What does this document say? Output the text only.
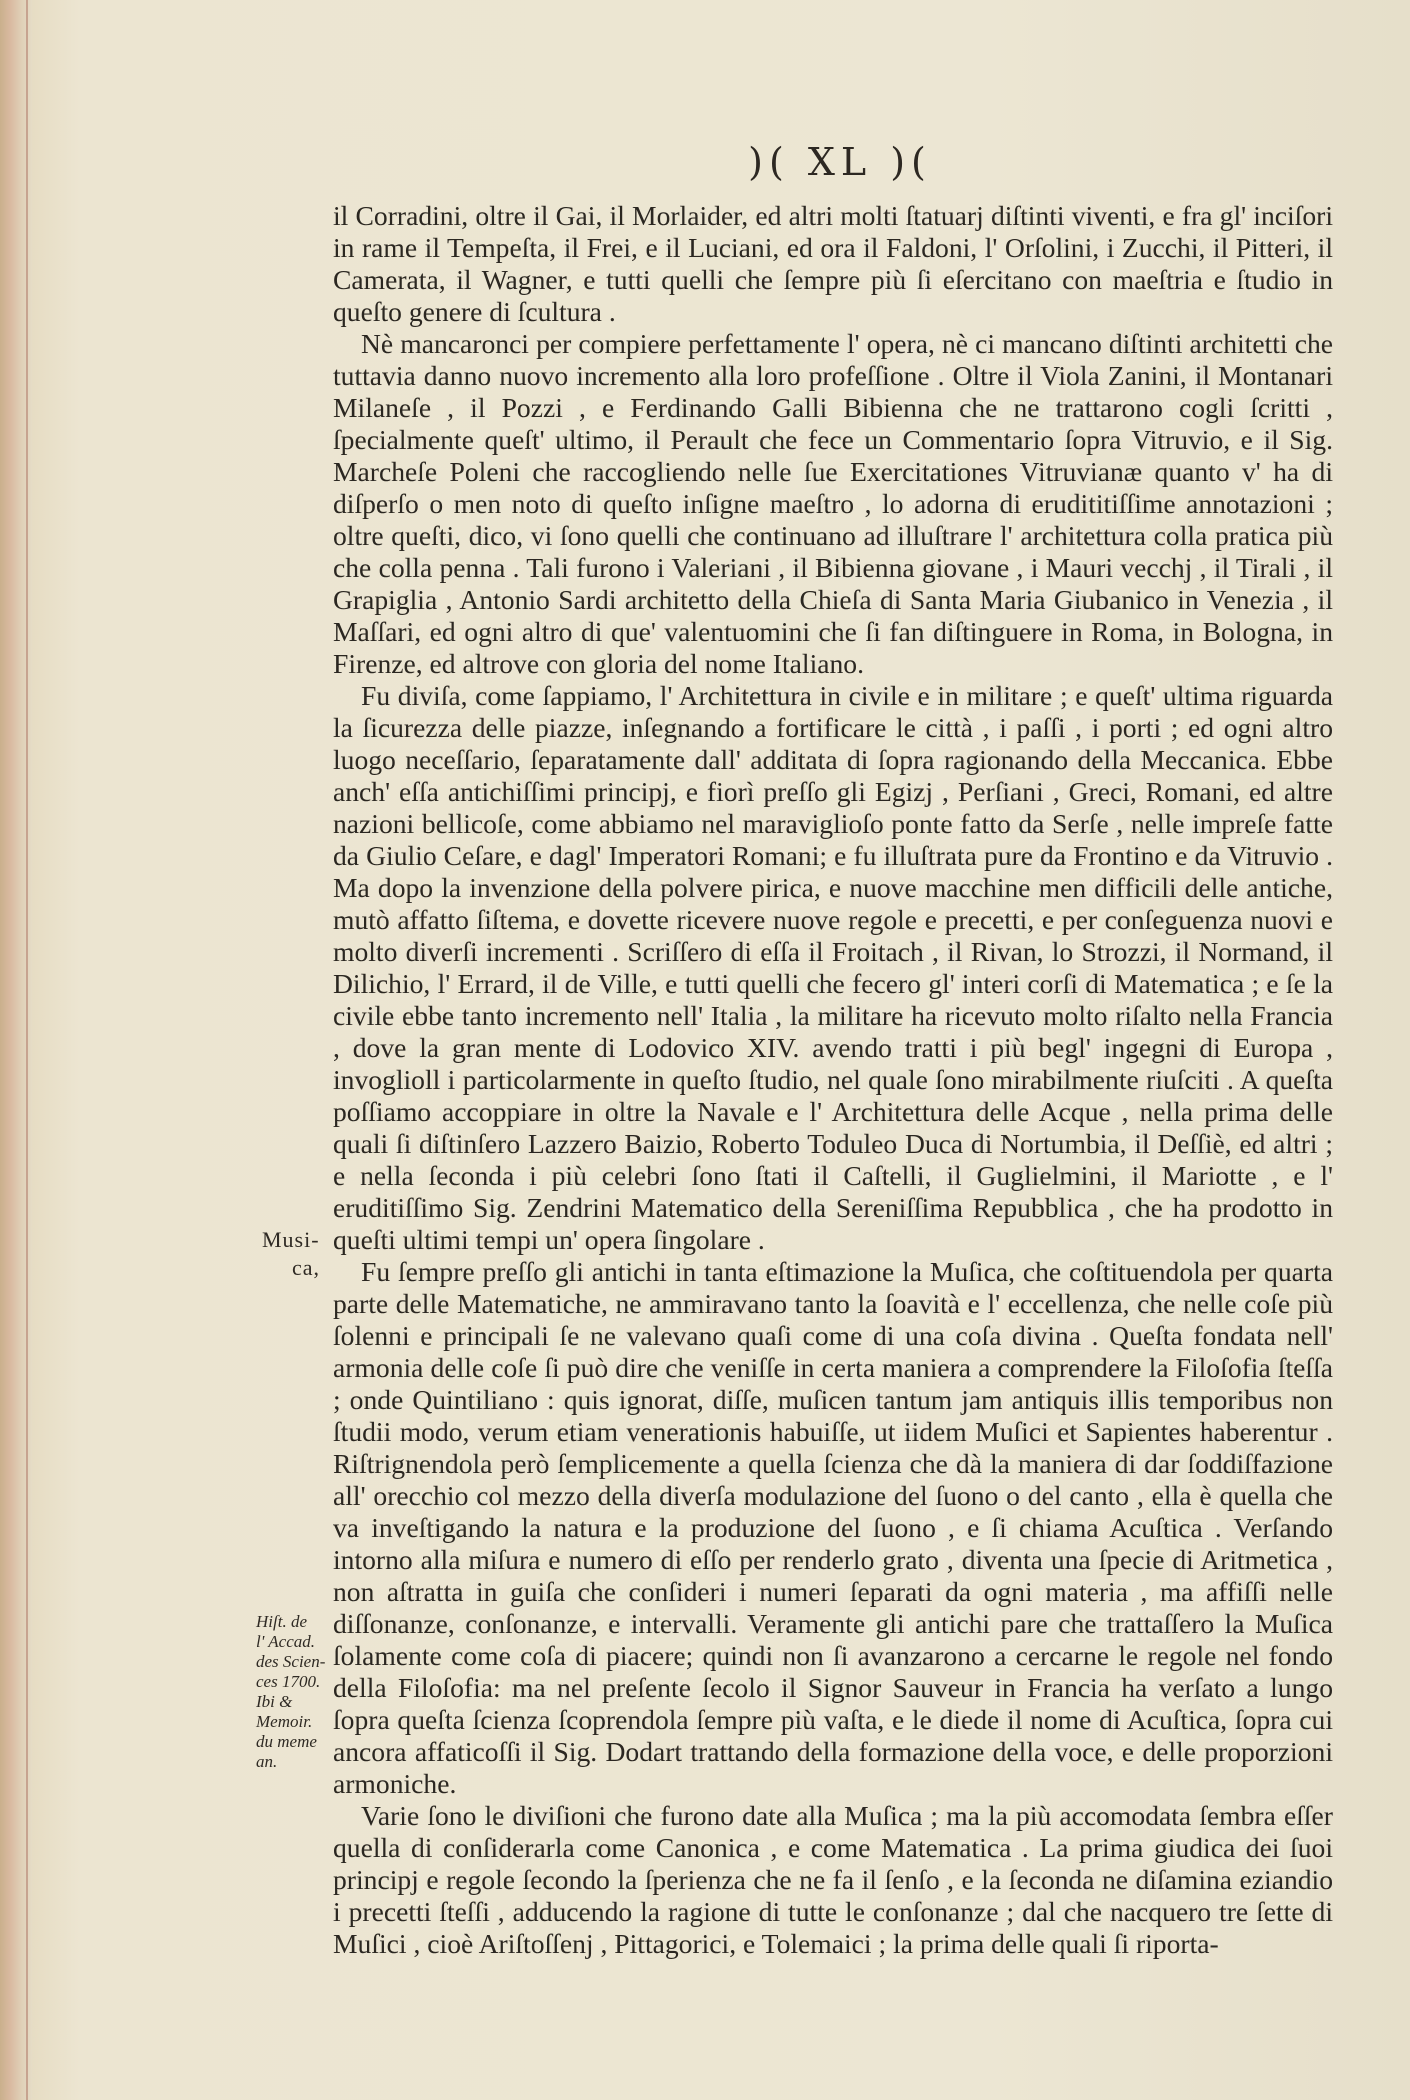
)( XL )(

il Corradini, oltre il Gai, il Morlaider, ed altri molti ſtatuarj diſtinti viventi, e fra gl' inciſori in rame il Tempeſta, il Frei, e il Luciani, ed ora il Faldoni, l' Orſolini, i Zucchi, il Pitteri, il Camerata, il Wagner, e tutti quelli che ſempre più ſi eſercitano con maeſtria e ſtudio in queſto genere di ſcultura .

Nè mancaronci per compiere perfettamente l' opera, nè ci mancano diſtinti architetti che tuttavia danno nuovo incremento alla loro profeſſione . Oltre il Viola Zanini, il Montanari Milaneſe , il Pozzi , e Ferdinando Galli Bibienna che ne trattarono cogli ſcritti , ſpecialmente queſt' ultimo, il Perault che fece un Commentario ſopra Vitruvio, e il Sig. Marcheſe Poleni che raccogliendo nelle ſue Exercitationes Vitruvianæ quanto v' ha di diſperſo o men noto di queſto inſigne maeſtro , lo adorna di erudititiſſime annotazioni ; oltre queſti, dico, vi ſono quelli che continuano ad illuſtrare l' architettura colla pratica più che colla penna . Tali furono i Valeriani , il Bibienna giovane , i Mauri vecchj , il Tirali , il Grapiglia , Antonio Sardi architetto della Chieſa di Santa Maria Giubanico in Venezia , il Maſſari, ed ogni altro di que' valentuomini che ſi fan diſtinguere in Roma, in Bologna, in Firenze, ed altrove con gloria del nome Italiano.

Fu diviſa, come ſappiamo, l' Architettura in civile e in militare ; e queſt' ultima riguarda la ſicurezza delle piazze, inſegnando a fortificare le città , i paſſi , i porti ; ed ogni altro luogo neceſſario, ſeparatamente dall' additata di ſopra ragionando della Meccanica. Ebbe anch' eſſa antichiſſimi principj, e fiorì preſſo gli Egizj , Perſiani , Greci, Romani, ed altre nazioni bellicoſe, come abbiamo nel maraviglioſo ponte fatto da Serſe , nelle impreſe fatte da Giulio Ceſare, e dagl' Imperatori Romani; e fu illuſtrata pure da Frontino e da Vitruvio . Ma dopo la invenzione della polvere pirica, e nuove macchine men difficili delle antiche, mutò affatto ſiſtema, e dovette ricevere nuove regole e precetti, e per conſeguenza nuovi e molto diverſi incrementi . Scriſſero di eſſa il Froitach , il Rivan, lo Strozzi, il Normand, il Dilichio, l' Errard, il de Ville, e tutti quelli che fecero gl' interi corſi di Matematica ; e ſe la civile ebbe tanto incremento nell' Italia , la militare ha ricevuto molto riſalto nella Francia , dove la gran mente di Lodovico XIV. avendo tratti i più begl' ingegni di Europa , invoglioll i particolarmente in queſto ſtudio, nel quale ſono mirabilmente riuſciti . A queſta poſſiamo accoppiare in oltre la Navale e l' Architettura delle Acque , nella prima delle quali ſi diſtinſero Lazzero Baizio, Roberto Toduleo Duca di Nortumbia, il Deſſiè, ed altri ; e nella ſeconda i più celebri ſono ſtati il Caſtelli, il Guglielmini, il Mariotte , e l' eruditiſſimo Sig. Zendrini Matematico della Sereniſſima Repubblica , che ha prodotto in queſti ultimi tempi un' opera ſingolare .

Fu ſempre preſſo gli antichi in tanta eſtimazione la Muſica, che coſtituendola per quarta parte delle Matematiche, ne ammiravano tanto la ſoavità e l' eccellenza, che nelle coſe più ſolenni e principali ſe ne valevano quaſi come di una coſa divina . Queſta fondata nell' armonia delle coſe ſi può dire che veniſſe in certa maniera a comprendere la Filoſofia ſteſſa ; onde Quintiliano : quis ignorat, diſſe, muſicen tantum jam antiquis illis temporibus non ſtudii modo, verum etiam venerationis habuiſſe, ut iidem Muſici et Sapientes haberentur . Riſtrignendola però ſemplicemente a quella ſcienza che dà la maniera di dar ſoddiſfazione all' orecchio col mezzo della diverſa modulazione del ſuono o del canto , ella è quella che va inveſtigando la natura e la produzione del ſuono , e ſi chiama Acuſtica . Verſando intorno alla miſura e numero di eſſo per renderlo grato , diventa una ſpecie di Aritmetica , non aſtratta in guiſa che conſideri i numeri ſeparati da ogni materia , ma affiſſi nelle diſſonanze, conſonanze, e intervalli. Veramente gli antichi pare che trattaſſero la Muſica ſolamente come coſa di piacere; quindi non ſi avanzarono a cercarne le regole nel fondo della Filoſofia: ma nel preſente ſecolo il Signor Sauveur in Francia ha verſato a lungo ſopra queſta ſcienza ſcoprendola ſempre più vaſta, e le diede il nome di Acuſtica, ſopra cui ancora affaticoſſi il Sig. Dodart trattando della formazione della voce, e delle proporzioni armoniche.

Varie ſono le diviſioni che furono date alla Muſica ; ma la più accomodata ſembra eſſer quella di conſiderarla come Canonica , e come Matematica . La prima giudica dei ſuoi principj e regole ſecondo la ſperienza che ne fa il ſenſo , e la ſeconda ne diſamina eziandio i precetti ſteſſi , adducendo la ragione di tutte le conſonanze ; dal che nacquero tre ſette di Muſici , cioè Ariſtoſſenj , Pittagorici, e Tolemaici ; la prima delle quali ſi riporta-

Musi-
ca,
Hiſt. de
l' Accad.
des Scien-
ces 1700.
Ibi &
Memoir.
du meme
an.
